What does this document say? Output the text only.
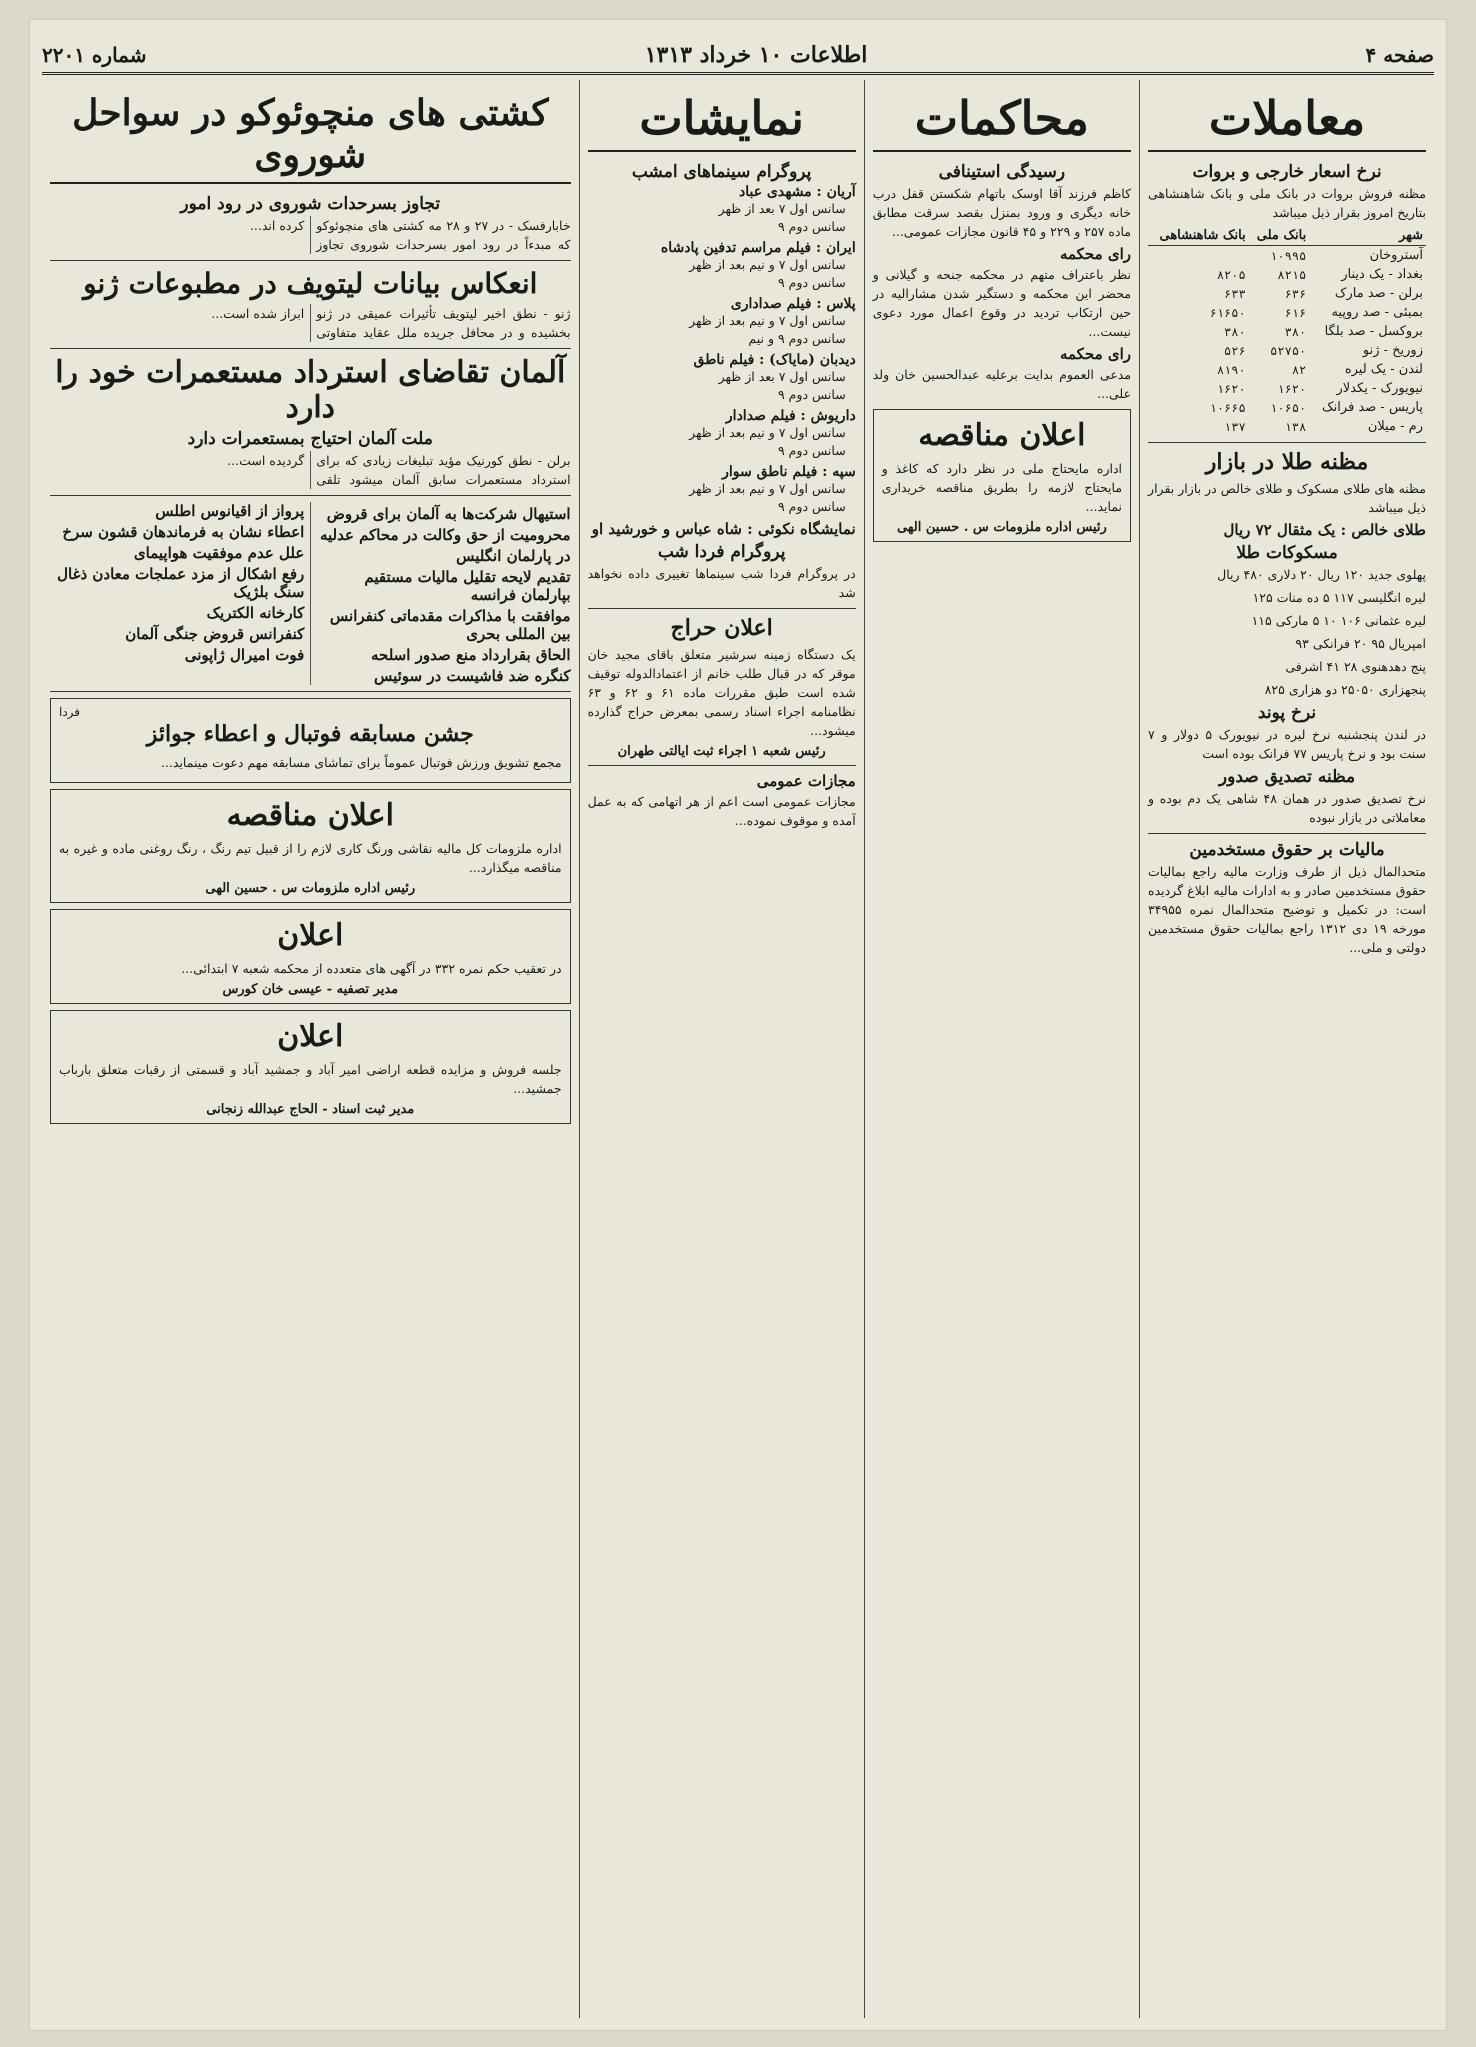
صفحه ۴
اطلاعات ۱۰ خرداد ۱۳۱۳
شماره ۲۲۰۱
معاملات
نرخ اسعار خارجی و بروات

مظنه فروش بروات در بانک ملی و بانک شاهنشاهی بتاریخ امروز بقرار ذیل میباشد

شهر	بانک ملی	بانک شاهنشاهی
آستروخان	۱۰۹۹۵	
بغداد - یک دینار	۸۲۱۵	۸۲۰۵
برلن - صد مارک	۶۳۶	۶۳۳
بمبئی - صد روپیه	۶۱۶	۶۱۶۵۰
بروکسل - صد بلگا	۳۸۰	۳۸۰
زوریخ - ژنو	۵۲۷۵۰	۵۲۶
لندن - یک لیره	۸۲	۸۱۹۰
نیویورک - یکدلار	۱۶۲۰	۱۶۲۰
پاریس - صد فرانک	۱۰۶۵۰	۱۰۶۶۵
رم - میلان	۱۳۸	۱۳۷
مظنه طلا در بازار

مظنه های طلای مسکوک و طلای خالص در بازار بقرار ذیل میباشد

طلای خالص : یک مثقال ۷۲ ریال
مسکوکات طلا
پهلوی جدید ۱۲۰ ریال ۲۰ دلاری ۴۸۰ ریال
لیره انگلیسی ۱۱۷ ۵ ده منات ۱۲۵
لیره عثمانی ۱۰۶ ۱۰ ۵ مارکی ۱۱۵
امپریال ۹۵ ۲۰ فرانکی ۹۳
پنج دهدهنوی ۲۸ ۴۱ اشرفی
پنجهزاری ۲۵۰۵۰ دو هزاری ۸۲۵
نرخ پوند

در لندن پنجشنبه نرخ لیره در نیویورک ۵ دولار و ۷ سنت بود و نرخ پاریس ۷۷ فرانک بوده است

مظنه تصدیق صدور

نرخ تصدیق صدور در همان ۴۸ شاهی یک دم بوده و معاملاتی در بازار نبوده

مالیات بر حقوق مستخدمین

متحدالمال ذیل از طرف وزارت مالیه راجع بمالیات حقوق مستخدمین صادر و به ادارات مالیه ابلاغ گردیده است: در تکمیل و توضیح متحدالمال نمره ۳۴۹۵۵ مورخه ۱۹ دی ۱۳۱۲ راجع بمالیات حقوق مستخدمین دولتی و ملی...

محاکمات
رسیدگی استینافی

کاظم فرزند آقا اوسک باتهام شکستن قفل درب خانه دیگری و ورود بمنزل بقصد سرقت مطابق ماده ۲۵۷ و ۲۲۹ و ۴۵ قانون مجازات عمومی...

رای محکمه

نظر باعتراف متهم در محکمه جنحه و گیلانی و محضر این محکمه و دستگیر شدن مشارالیه در حین ارتکاب تردید در وقوع اعمال مورد دعوی نیست...

رای محکمه

مدعی العموم بدایت برعلیه عبدالحسین خان ولد علی...

اعلان مناقصه

اداره مایحتاج ملی در نظر دارد که کاغذ و مایحتاج لازمه را بطریق مناقصه خریداری نماید...

رئیس اداره ملزومات س . حسین الهی
نمایشات
پروگرام سینماهای امشب
آریان : مشهدی عباد
سانس اول ۷ بعد از ظهر
سانس دوم ۹
ایران : فیلم مراسم تدفین پادشاه
سانس اول ۷ و نیم بعد از ظهر
سانس دوم ۹
پلاس : فیلم صداداری
سانس اول ۷ و نیم بعد از ظهر
سانس دوم ۹ و نیم
دیدبان (مایاک) : فیلم ناطق
سانس اول ۷ بعد از ظهر
سانس دوم ۹
داریوش : فیلم صدادار
سانس اول ۷ و نیم بعد از ظهر
سانس دوم ۹
سپه : فیلم ناطق سوار
سانس اول ۷ و نیم بعد از ظهر
سانس دوم ۹
نمایشگاه نکوئی : شاه عباس و خورشید او
پروگرام فردا شب

در پروگرام فردا شب سینماها تغییری داده نخواهد شد

اعلان حراج

یک دستگاه زمینه سرشیر متعلق باقای مجید خان موقر که در قبال طلب خانم از اعتمادالدوله توقیف شده است طبق مقررات ماده ۶۱ و ۶۲ و ۶۳ نظامنامه اجراء اسناد رسمی بمعرض حراج گذارده میشود...

رئیس شعبه ۱ اجراء ثبت ایالتی طهران
مجازات عمومی

مجازات عمومی است اعم از هر اتهامی که به عمل آمده و موقوف نموده...

کشتی های منچوئوکو در سواحل شوروی
تجاوز بسرحدات شوروی در رود امور

خابارفسک - در ۲۷ و ۲۸ مه کشتی های منچوئوکو که مبدءاً در رود امور بسرحدات شوروی تجاوز کرده اند...

انعکاس بیانات لیتویف در مطبوعات ژنو

ژنو - نطق اخیر لیتویف تأثیرات عمیقی در ژنو بخشیده و در محافل جریده ملل عقاید متفاوتی ابراز شده است...

آلمان تقاضای استرداد مستعمرات خود را دارد
ملت آلمان احتیاج بمستعمرات دارد

برلن - نطق کورنیک مؤید تبلیغات زیادی که برای استرداد مستعمرات سابق آلمان میشود تلقی گردیده است...

استیهال شرکت‌ها به آلمان برای قروض
محرومیت از حق وکالت در محاکم عدلیه
در پارلمان انگلیس
تقدیم لایحه تقلیل مالیات مستقیم بپارلمان فرانسه
موافقت با مذاکرات مقدماتی کنفرانس بین المللی بحری
الحاق بقرارداد منع صدور اسلحه
کنگره ضد فاشیست در سوئیس
پرواز از اقیانوس اطلس
اعطاء نشان به فرماندهان قشون سرخ
علل عدم موفقیت هواپیمای
رفع اشکال از مزد عملجات معادن ذغال سنگ بلژیک
کارخانه الکتریک
کنفرانس قروض جنگی آلمان
فوت امیرال ژاپونی
فردا
جشن مسابقه فوتبال و اعطاء جوائز

مجمع تشویق ورزش فوتبال عموماً برای تماشای مسابقه مهم دعوت مینماید...

اعلان مناقصه

اداره ملزومات کل مالیه نقاشی ورنگ کاری لازم را از قبیل تیم رنگ ، رنگ روغنی ماده و غیره به مناقصه میگذارد...

رئیس اداره ملزومات س . حسین الهی
اعلان

در تعقیب حکم نمره ۳۳۲ در آگهی های متعدده از محکمه شعبه ۷ ابتدائی...

مدیر تصفیه - عیسی خان کورس
اعلان

جلسه فروش و مزایده قطعه اراضی امیر آباد و جمشید آباد و قسمتی از رقبات متعلق بارباب جمشید...

مدیر ثبت اسناد - الحاج عبدالله زنجانی
